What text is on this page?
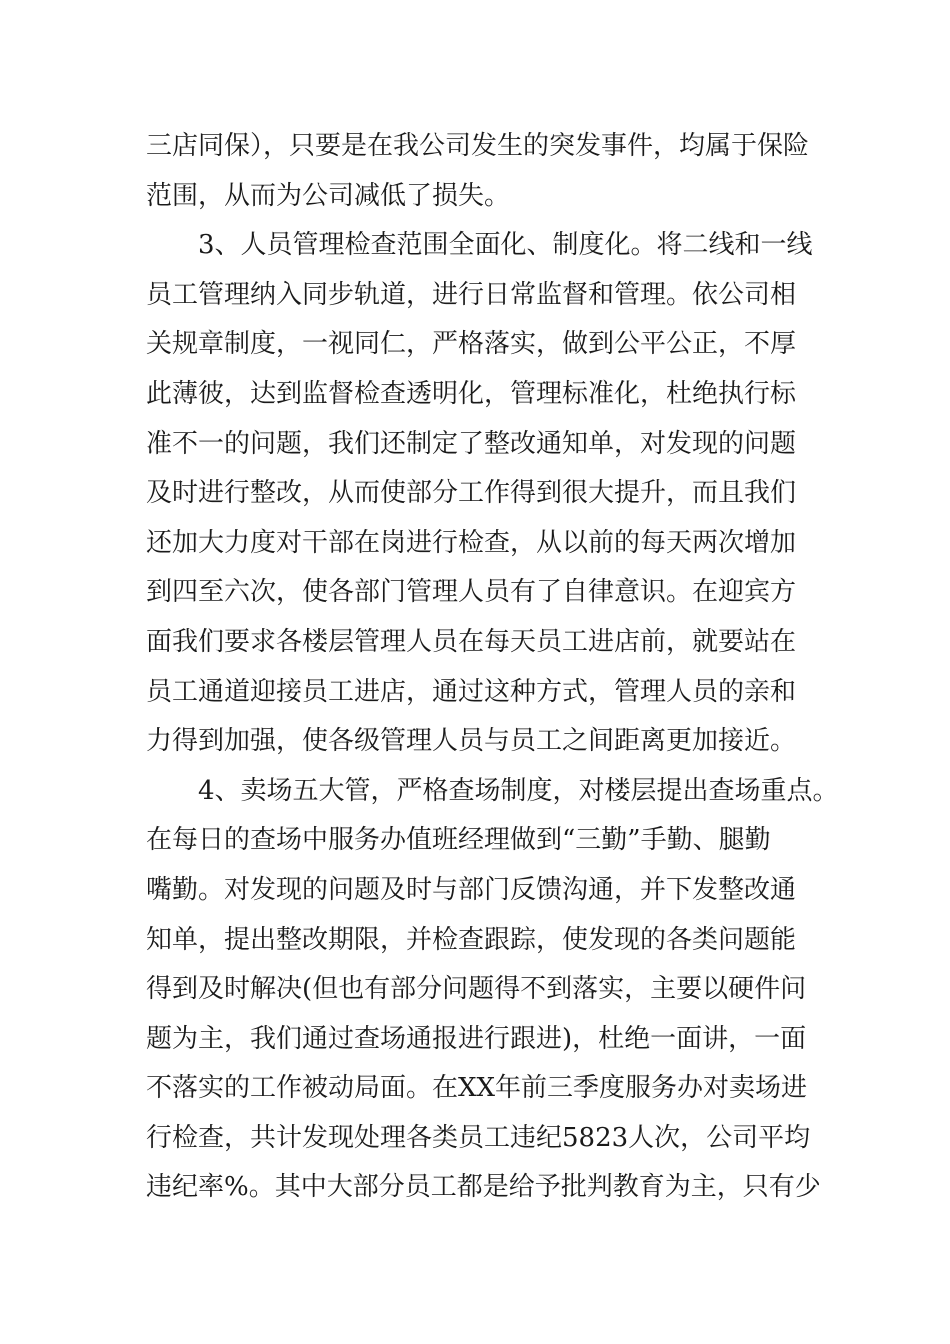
三店同保），只要是在我公司发生的突发事件，均属于保险
范围，从而为公司减低了损失。
3、人员管理检查范围全面化、制度化。将二线和一线
员工管理纳入同步轨道，进行日常监督和管理。依公司相
关规章制度，一视同仁，严格落实，做到公平公正，不厚
此薄彼，达到监督检查透明化，管理标准化，杜绝执行标
准不一的问题，我们还制定了整改通知单，对发现的问题
及时进行整改，从而使部分工作得到很大提升，而且我们
还加大力度对干部在岗进行检查，从以前的每天两次增加
到四至六次，使各部门管理人员有了自律意识。在迎宾方
面我们要求各楼层管理人员在每天员工进店前，就要站在
员工通道迎接员工进店，通过这种方式，管理人员的亲和
力得到加强，使各级管理人员与员工之间距离更加接近。
4、卖场五大管，严格查场制度，对楼层提出查场重点。
在每日的查场中服务办值班经理做到“三勤”手勤、腿勤
嘴勤。对发现的问题及时与部门反馈沟通，并下发整改通
知单，提出整改期限，并检查跟踪，使发现的各类问题能
得到及时解决(但也有部分问题得不到落实，主要以硬件问
题为主，我们通过查场通报进行跟进)，杜绝一面讲，一面
不落实的工作被动局面。在XX年前三季度服务办对卖场进
行检查，共计发现处理各类员工违纪5823人次，公司平均
违纪率%。其中大部分员工都是给予批判教育为主，只有少
